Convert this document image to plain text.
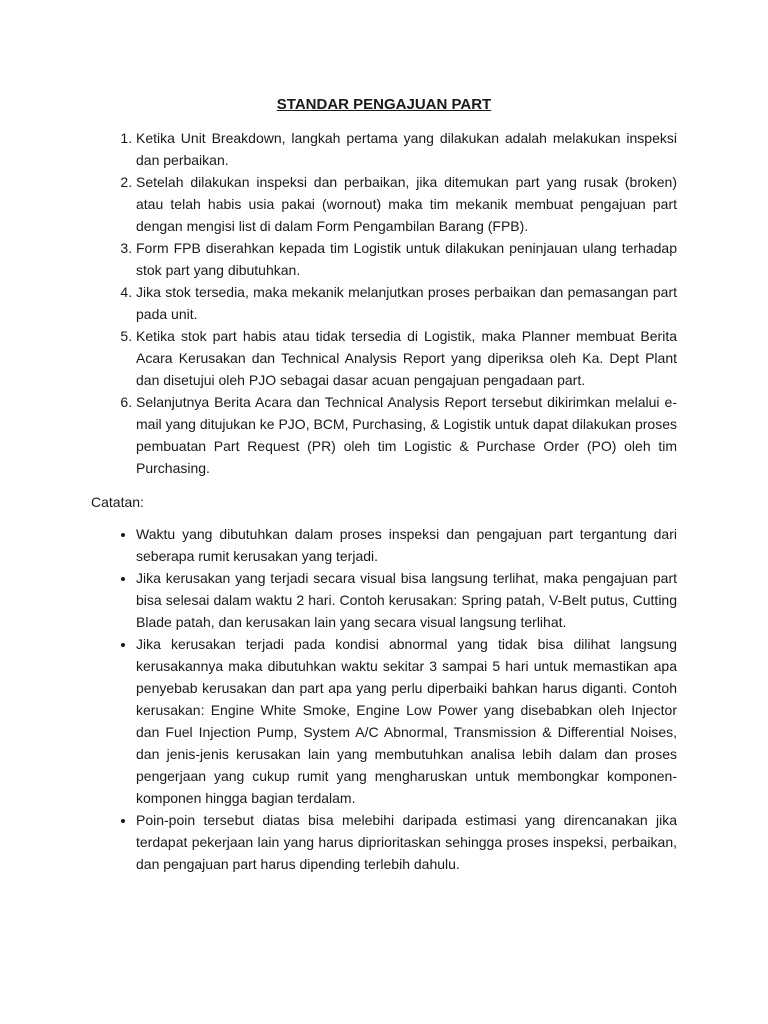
STANDAR PENGAJUAN PART
1. Ketika Unit Breakdown, langkah pertama yang dilakukan adalah melakukan inspeksi dan perbaikan.
2. Setelah dilakukan inspeksi dan perbaikan, jika ditemukan part yang rusak (broken) atau telah habis usia pakai (wornout) maka tim mekanik membuat pengajuan part dengan mengisi list di dalam Form Pengambilan Barang (FPB).
3. Form FPB diserahkan kepada tim Logistik untuk dilakukan peninjauan ulang terhadap stok part yang dibutuhkan.
4. Jika stok tersedia, maka mekanik melanjutkan proses perbaikan dan pemasangan part pada unit.
5. Ketika stok part habis atau tidak tersedia di Logistik, maka Planner membuat Berita Acara Kerusakan dan Technical Analysis Report yang diperiksa oleh Ka. Dept Plant dan disetujui oleh PJO sebagai dasar acuan pengajuan pengadaan part.
6. Selanjutnya Berita Acara dan Technical Analysis Report tersebut dikirimkan melalui e-mail yang ditujukan ke PJO, BCM, Purchasing, & Logistik untuk dapat dilakukan proses pembuatan Part Request (PR) oleh tim Logistic & Purchase Order (PO) oleh tim Purchasing.
Catatan:
• Waktu yang dibutuhkan dalam proses inspeksi dan pengajuan part tergantung dari seberapa rumit kerusakan yang terjadi.
• Jika kerusakan yang terjadi secara visual bisa langsung terlihat, maka pengajuan part bisa selesai dalam waktu 2 hari. Contoh kerusakan: Spring patah, V-Belt putus, Cutting Blade patah, dan kerusakan lain yang secara visual langsung terlihat.
• Jika kerusakan terjadi pada kondisi abnormal yang tidak bisa dilihat langsung kerusakannya maka dibutuhkan waktu sekitar 3 sampai 5 hari untuk memastikan apa penyebab kerusakan dan part apa yang perlu diperbaiki bahkan harus diganti. Contoh kerusakan: Engine White Smoke, Engine Low Power yang disebabkan oleh Injector dan Fuel Injection Pump, System A/C Abnormal, Transmission & Differential Noises, dan jenis-jenis kerusakan lain yang membutuhkan analisa lebih dalam dan proses pengerjaan yang cukup rumit yang mengharuskan untuk membongkar komponen-komponen hingga bagian terdalam.
• Poin-poin tersebut diatas bisa melebihi daripada estimasi yang direncanakan jika terdapat pekerjaan lain yang harus diprioritaskan sehingga proses inspeksi, perbaikan, dan pengajuan part harus dipending terlebih dahulu.
